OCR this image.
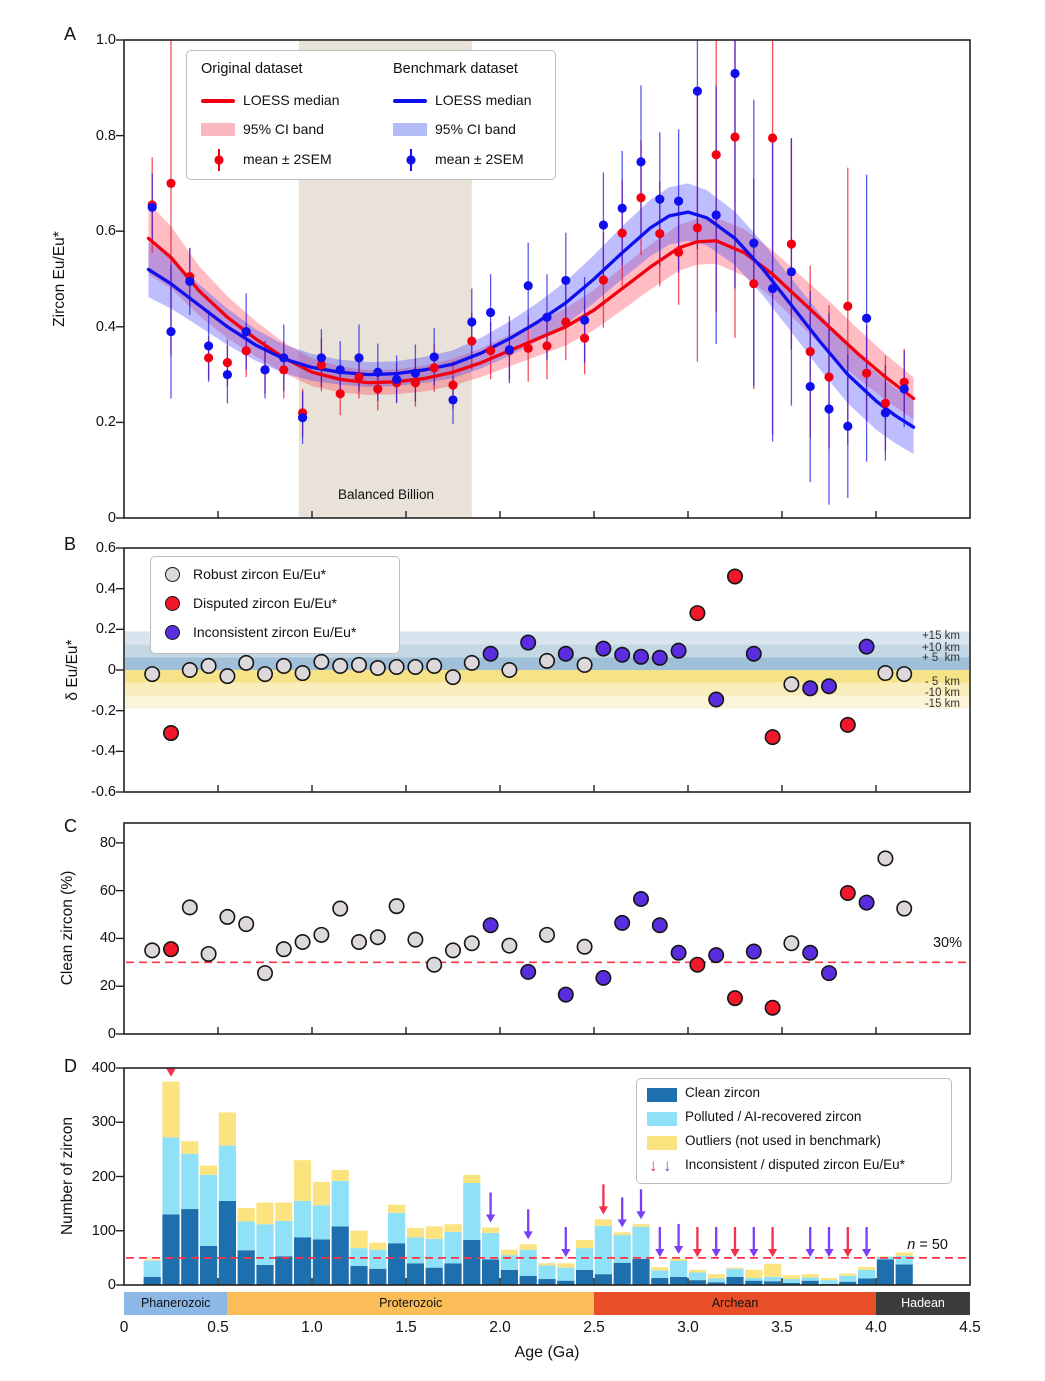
A
B
C
D
Zircon Eu/Eu*
δ Eu/Eu*
Clean zircon (%)
Number of zircon
Age (Ga)
Balanced Billion
30%
n = 50
Original dataset	Benchmark dataset
LOESS median	LOESS median
95% CI band	95% CI band
mean ± 2SEM	mean ± 2SEM
Robust zircon Eu/Eu*
Disputed zircon Eu/Eu*
Inconsistent zircon Eu/Eu*
Clean zircon
Polluted / AI-recovered zircon
Outliers (not used in benchmark)
↓ ↓ Inconsistent / disputed zircon Eu/Eu*
0
0.2
0.4
0.6
0.8
1.0
+15 km
+10 km
+ 5  km
- 5  km
-10 km
-15 km
0.6
0.4
0.2
0
-0.2
-0.4
-0.6
0
20
40
60
80
0
100
200
300
400
Phanerozoic	Proterozoic	Archean	Hadean
0	0.5	1.0	1.5	2.0	2.5	3.0	3.5	4.0	4.5
